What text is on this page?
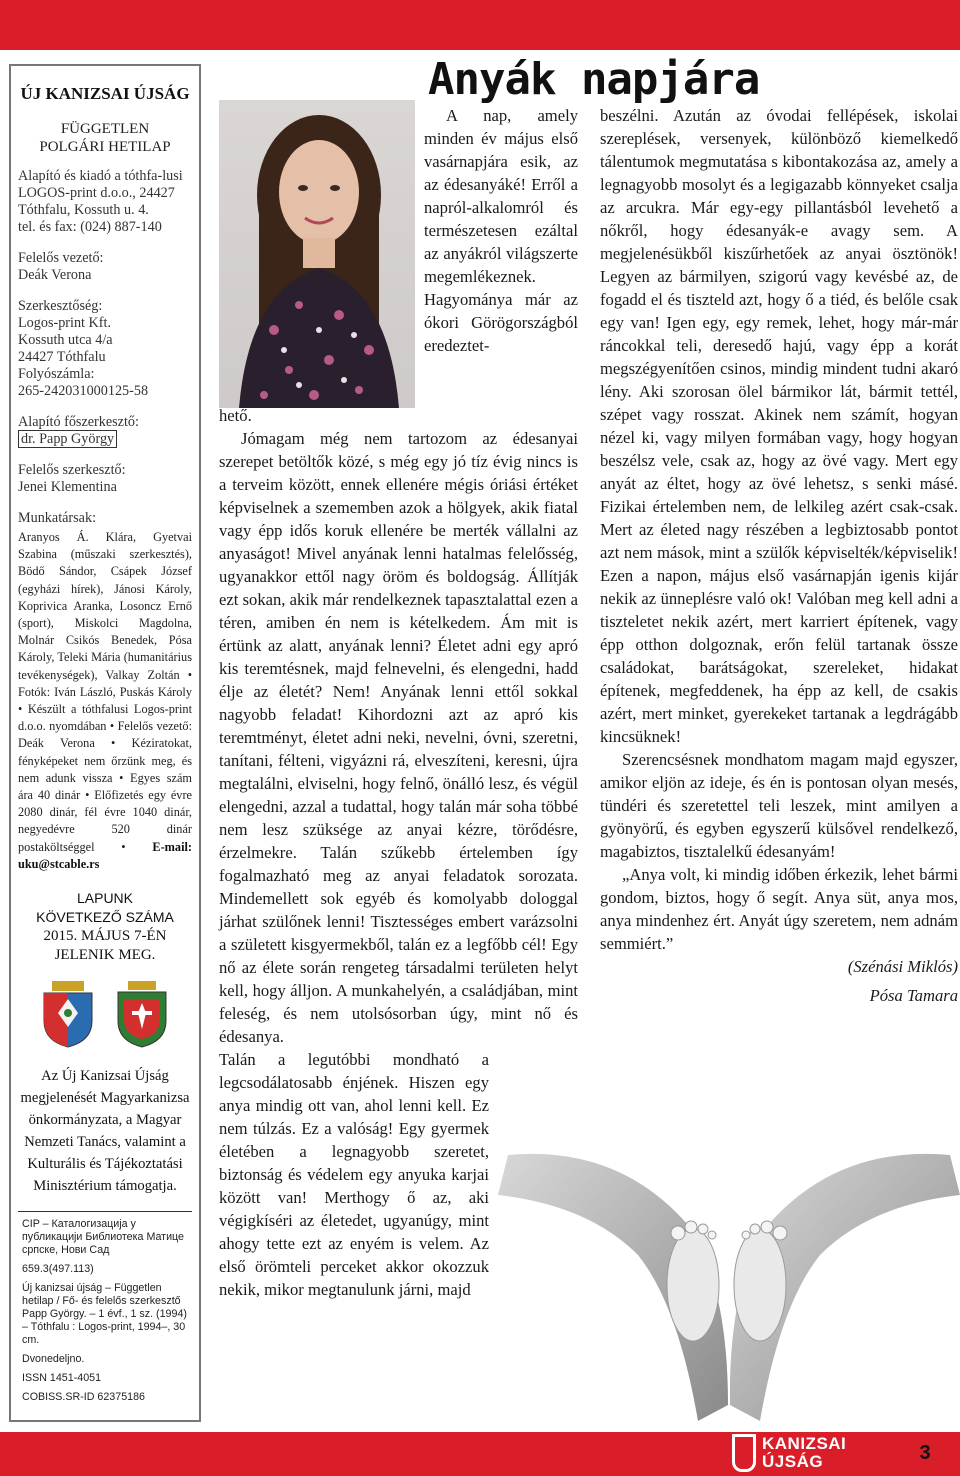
ÚJ KANIZSAI ÚJSÁG
FÜGGETLEN
POLGÁRI HETILAP
Alapító és kiadó a tóthfa-lusi LOGOS-print d.o.o., 24427 Tóthfalu, Kossuth u. 4.
tel. és fax: (024) 887-140
Felelős vezető:
Deák Verona
Szerkesztőség:
Logos-print Kft.
Kossuth utca 4/a
24427 Tóthfalu
Folyószámla:
265-242031000125-58
Alapító főszerkesztő:
dr. Papp György
Felelős szerkesztő:
Jenei Klementina
Munkatársak:
Aranyos Á. Klára, Gyetvai Szabina (műszaki szerkesztés), Bödő Sándor, Csápek József (egyházi hírek), Jánosi Károly, Koprivica Aranka, Losoncz Ernő (sport), Miskolci Magdolna, Molnár Csikós Benedek, Pósa Károly, Teleki Mária (humanitárius tevékenységek), Valkay Zoltán • Fotók: Iván László, Puskás Károly • Készült a tóthfalusi Logos-print d.o.o. nyomdában • Felelős vezető: Deák Verona • Kéziratokat, fényképeket nem őrzünk meg, és nem adunk vissza • Egyes szám ára 40 dinár • Előfizetés egy évre 2080 dinár, fél évre 1040 dinár, negyedévre 520 dinár postaköltséggel • E-mail: uku@stcable.rs
LAPUNK
KÖVETKEZŐ SZÁMA
2015. MÁJUS 7-ÉN
JELENIK MEG.
Az Új Kanizsai Újság megjelenését Magyarkanizsa önkormányzata, a Magyar Nemzeti Tanács, valamint a Kulturális és Tájékoztatási Minisztérium támogatja.

CIP – Каталогизација у публикацији Библиотека Матице српске, Нови Сад

659.3(497.113)

Új kanizsai újság – Független hetilap / Fő- és felelős szerkesztő Papp György. – 1 évf., 1 sz. (1994) – Tóthfalu : Logos-print, 1994–, 30 cm.

Dvonedeljno.

ISSN 1451-4051

COBISS.SR-ID 62375186

Anyák napjára

A nap, amely minden év május első vasárnapjára esik, az az édesanyáké! Erről a napról-alkalomról és természetesen ezáltal az anyákról világszerte megemlékeznek. Hagyománya már az ókori Görögországból eredeztet-

hető.

Jómagam még nem tartozom az édesanyai szerepet betöltők közé, s még egy jó tíz évig nincs is a terveim között, ennek ellenére mégis óriási értéket képviselnek a szememben azok a hölgyek, akik fiatal vagy épp idős koruk ellenére be merték vállalni az anyaságot! Mivel anyának lenni hatalmas felelősség, ugyanakkor ettől nagy öröm és boldogság. Állítják ezt sokan, akik már rendelkeznek tapasztalattal ezen a téren, amiben én nem is kételkedem. Ám mit is értünk az alatt, anyának lenni? Életet adni egy apró kis teremtésnek, majd felnevelni, és elengedni, hadd élje az életét? Nem! Anyának lenni ettől sokkal nagyobb feladat! Kihordozni azt az apró kis teremtményt, életet adni neki, nevelni, óvni, szeretni, tanítani, félteni, vigyázni rá, elveszíteni, keresni, újra megtalálni, elviselni, hogy felnő, önálló lesz, és végül elengedni, azzal a tudattal, hogy talán már soha többé nem lesz szüksége az anyai kézre, törődésre, érzelmekre. Talán szűkebb értelemben így fogalmazható meg az anyai feladatok sorozata. Mindemellett sok egyéb és komolyabb dologgal járhat szülőnek lenni! Tisztességes embert varázsolni a született kisgyermekből, talán ez a legfőbb cél! Egy nő az élete során rengeteg társadalmi területen helyt kell, hogy álljon. A munkahelyén, a családjában, mint feleség, és nem utolsósorban úgy, mint nő és édesanya.

Talán a legutóbbi mondható a legcsodálatosabb énjének. Hiszen egy anya mindig ott van, ahol lenni kell. Ez nem túlzás. Ez a valóság! Egy gyermek életében a legnagyobb szeretet, biztonság és védelem egy anyuka karjai között van! Merthogy ő az, aki végigkíséri az életedet, ugyanúgy, mint ahogy tette ezt az enyém is velem. Az első örömteli perceket akkor okozzuk nekik, mikor megtanulunk járni, majd

beszélni. Azután az óvodai fellépések, iskolai szereplések, versenyek, különböző kiemelkedő tálentumok megmutatása s kibontakozása az, amely a legnagyobb mosolyt és a legigazabb könnyeket csalja az arcukra. Már egy-egy pillantásból levehető a nőkről, hogy édesanyák-e avagy sem. A megjelenésükből kiszűrhetőek az anyai ösztönök! Legyen az bármilyen, szigorú vagy kevésbé az, de fogadd el és tiszteld azt, hogy ő a tiéd, és belőle csak egy van! Igen egy, egy remek, lehet, hogy már-már ráncokkal teli, deresedő hajú, vagy épp a korát megszégyenítően csinos, mindig mindent tudni akaró lény. Aki szorosan ölel bármikor lát, bármit tettél, szépet vagy rosszat. Akinek nem számít, hogyan nézel ki, vagy milyen formában vagy, hogy hogyan beszélsz vele, csak az, hogy az övé vagy. Mert egy anyát az éltet, hogy az övé lehetsz, s senki másé. Fizikai értelemben nem, de lelkileg azért csak-csak. Mert az életed nagy részében a legbiztosabb pontot azt nem mások, mint a szülők képviselték/képviselik! Ezen a napon, május első vasárnapján igenis kijár nekik az ünneplésre való ok! Valóban meg kell adni a tiszteletet nekik azért, mert karriert építenek, vagy épp otthon dolgoznak, erőn felül tartanak össze családokat, barátságokat, szereleket, hidakat építenek, megfeddenek, ha épp az kell, de csakis azért, mert minket, gyerekeket tartanak a legdrágább kincsüknek!

Szerencsésnek mondhatom magam majd egyszer, amikor eljön az ideje, és én is pontosan olyan mesés, tündéri és szeretettel teli leszek, mint amilyen a gyönyörű, és egyben egyszerű külsővel rendelkező, magabiztos, tisztalelkű édesanyám!

„Anya volt, ki mindig időben érkezik, lehet bármi gondom, biztos, hogy ő segít. Anya süt, anya mos, anya mindenhez ért. Anyát úgy szeretem, nem adnám semmiért.”

(Szénási Miklós)

Pósa Tamara

KANIZSAI
ÚJSÁG	3
